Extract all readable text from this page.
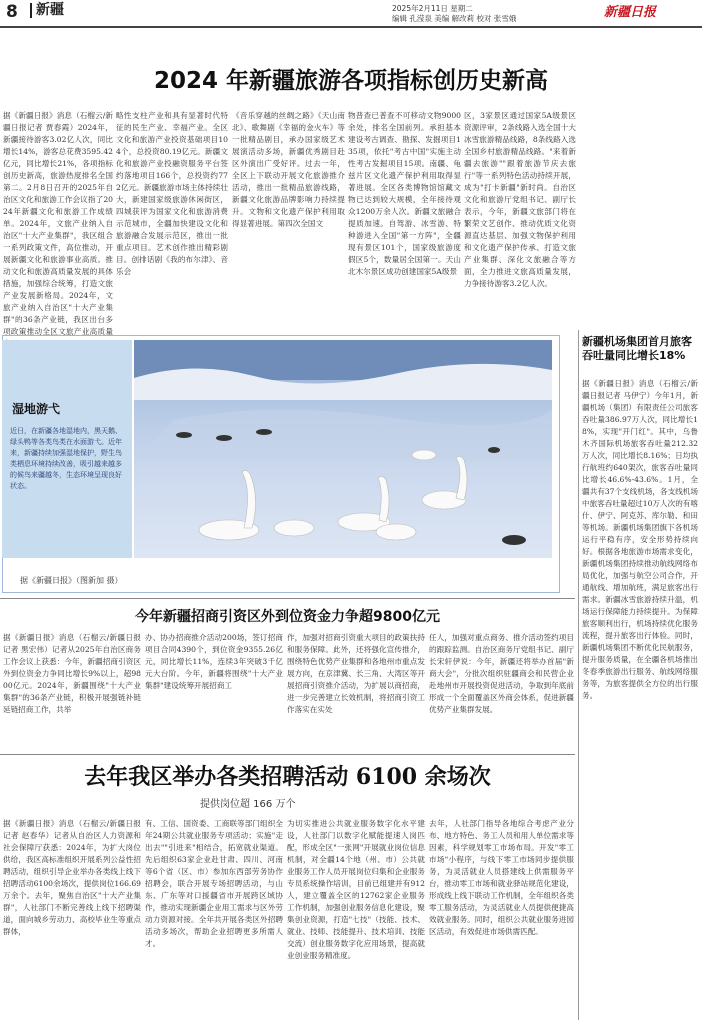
8	新疆	2025年2月11日 星期二
编辑 孔滢泉 美编 解改莉 校对 张雪娥	新疆日报
2024 年新疆旅游各项指标创历史新高
据《新疆日报》消息（石榴云/新疆日报记者 贾春霞）2024年，新疆接待游客3.02亿人次，同比增长14%，游客总花费3595.42亿元，同比增长21%，各项指标创历史新高，旅游热度排名全国第二。2月8日召开的2025年自治区文化和旅游工作会议指了2024年新疆文化和旅游工作成绩单。2024年，文旅产业纳入自治区"十大产业集群"，我区组合一系列政策文件，高位推动，开展新疆文化和旅游事业高质。推动文化和旅游高质量发展的具体措施，加强综合统筹，打造文旅产业发展新格局。2024年，文旅产业纳入自治区"十大产业集群"的36条产业链，我区出台多项政策推动全区文旅产业高质量
略性支柱产业和具有显著时代特征的民生产业、幸福产业。全区文化和旅游产业投资基础项目104个，总投资80.19亿元。新疆文化和旅游产业投融资服务平台签约落地项目166个，总投资约772亿元。新疆旅游市场主体持续壮大，新建国家级旅游休闲街区，四城获评为国家文化和旅游消费示范城市，全疆加快建设文化和旅游融合发展示范区，推出一批重点项目。艺术创作推出精彩剧目。创排话剧《我的布尔津》、音乐会
《音乐穿越的丝绸之路》《天山南北》、歌舞剧《幸福的金火车》等一批精品剧目，承办国家级艺术展演活动多场，新疆优秀剧目赴区外演出广受好评。过去一年，全区上下联动开展文化旅游推介活动，推出一批精品旅游线路，新疆文化旅游品牌影响力持续提升。文物和文化遗产保护利用取得显著进展。第四次全国文
物普查已普查不可移动文物9000余处，排名全国前列。承担基本建设考古调查、勘探、发掘项目135项，依托"考古中国"实施主动性考古发掘项目15项。南疆、龟兹片区文化遗产保护利用取得显著进展。全区各类博物馆馆藏文物已达到较大规模，全年接待观众1200万余人次。新疆文旅融合提质加速。自驾游、冰雪游、特种游进入全国"第一方阵"，全疆现有景区101个，国家级旅游度假区5个，数量居全国第一。天山北木尔景区成功创建国家5A级景
区，3家景区通过国家5A级景区资源评审，2条线路入选全国十大冰雪旅游精品线路，8条线路入选全国乡村旅游精品线路。"来着新疆去旅游""跟着旅游节庆去旅行"等一系列特色活动持续开展，成为"打卡新疆"新时尚。自治区文化和旅游厅党组书记、副厅长表示，今年，新疆文旅部门将在繁荣文艺创作、推动优质文化资源直达基层、加强文物保护利用和文化遗产保护传承、打造文旅产业集群、深化文旅融合等方面，全力推进文旅高质量发展，力争接待游客3.2亿人次。
湿地游弋
近日，在新疆各地湿地内，黑天鹅、绿头鸭等各类鸟类在水面游弋。近年来，新疆持续加强湿地保护，野生鸟类栖息环境持续改善，吸引越来越多的候鸟来疆越冬，生态环境呈现良好状态。
据《新疆日报》（图新加 摄）
今年新疆招商引资区外到位资金力争超9800亿元
据《新疆日报》消息（石榴云/新疆日报记者 黑宏伟）记者从2025年自治区商务工作会议上获悉：今年，新疆招商引资区外到位资金力争同比增长9%以上，超9800亿元。2024年，新疆围绕"十大产业集群"的36条产业链，积极开展强链补链延链招商工作，共举
办、协办招商推介活动200场，签订招商项目合同4390个，到位资金9355.26亿元，同比增长11%，连续3年突破3千亿元大台阶。今年，新疆将围绕"十大产业集群"建设统筹开展招商工
作，加强对招商引资重大项目的政策扶持和服务保障。此外，还将强化宣传推介，围绕特色优势产业集群和各地州市重点发展方向，在京津冀、长三角、大湾区等开展招商引资推介活动，为扩展以商招商，进一步完善建立长效机制，将招商引资工作落实在实处
任人，加强对重点商务、推介活动签约项目的跟踪监测。自治区商务厅党组书记、副厅长宋轩伊说：今年，新疆还将举办首届"新商大会"，分批次组织驻疆商会和民营企业赴地州市开展投资促进活动，争取到年底前形成一个全面覆盖区外商会体系，促进新疆优势产业集群发展。
去年我区举办各类招聘活动 6100 余场次
提供岗位超 166 万个
据《新疆日报》消息（石榴云/新疆日报记者 赵春华）记者从自治区人力资源和社会保障厅获悉：2024年，为扩大岗位供给，我区高标准组织开展系列公益性招聘活动，组织引导企业举办各类线上线下招聘活动6100余场次，提供岗位166.69万余个。去年，聚焦自治区"十大产业集群"，人社部门不断完善线上线下招聘渠道，面向城乡劳动力、高校毕业生等重点群体，
有、工信、国资委、工商联等部门组织全年24期公共就业服务专项活动；实施"走出去""引进来"相结合，拓宽就业渠道。先后组织63家企业赴甘肃、四川、河南等6个省（区、市）参加东西部劳务协作招聘会，联合开展专场招聘活动，与山东、广东等对口援疆省市开展跨区域协作，推动实现新疆企业用工需求与区外劳动力资源对接。全年共开展各类区外招聘活动多场次，帮助企业招聘更多所需人才。
为切实推进公共就业服务数字化水平建设，人社部门以数字化赋能提速人岗匹配，形成全区"一张网"开展就业岗位信息机制，对全疆14个地（州、市）公共就业服务工作人员开展岗位归集和企业服务专员系统操作培训，目前已组建并有912人，建立覆盖全区的12762家企业服务工作机制，加强创业服务信息化建设，聚集创业资源，打造"七技"（技能、技术、就业、技师、技能提升、技术培训、技能交流）创业服务数字化应用场景，提高就业创业服务精准度。
去年，人社部门指导各地综合考虑产业分布、地方特色、务工人员和用人单位需求等因素，科学规划零工市场布局。开发"零工市场"小程序，与线下零工市场同步提供服务，为灵活就业人员搭建线上供需服务平台，推动零工市场和就业驿站规范化建设，形成线上线下联动工作机制，全年组织各类零工服务活动，为灵活就业人员提供便捷高效就业服务。同时，组织公共就业服务进园区活动，有效促进市场供需匹配。
新疆机场集团首月旅客吞吐量同比增长18%
据《新疆日报》消息（石榴云/新疆日报记者 马伊宁）今年1月，新疆机场（集团）有限责任公司旅客吞吐量386.97万人次，同比增长18%，实现"开门红"。其中，乌鲁木齐国际机场旅客吞吐量212.32万人次，同比增长8.16%；日均执行航班约640架次，旅客吞吐量同比增长46.6%-43.6%。1月，全疆共有37个支线机场，各支线机场中旅客吞吐量超过10万人次的有喀什、伊宁、阿克苏、库尔勒、和田等机场。新疆机场集团旗下各机场运行平稳有序，安全形势持续向好。根据各地旅游市场需求变化，新疆机场集团持续推动航线网络布局优化，加强与航空公司合作，开通航线、增加航班，满足旅客出行需求。新疆冰雪旅游持续升温，机场运行保障能力持续提升。为保障旅客顺利出行，机场持续优化服务流程，提升旅客出行体验。同时，新疆机场集团不断优化民航服务，提升服务质量，在全疆各机场推出冬春季旅游出行服务、航线网络服务等，为旅客提供全方位的出行服务。
